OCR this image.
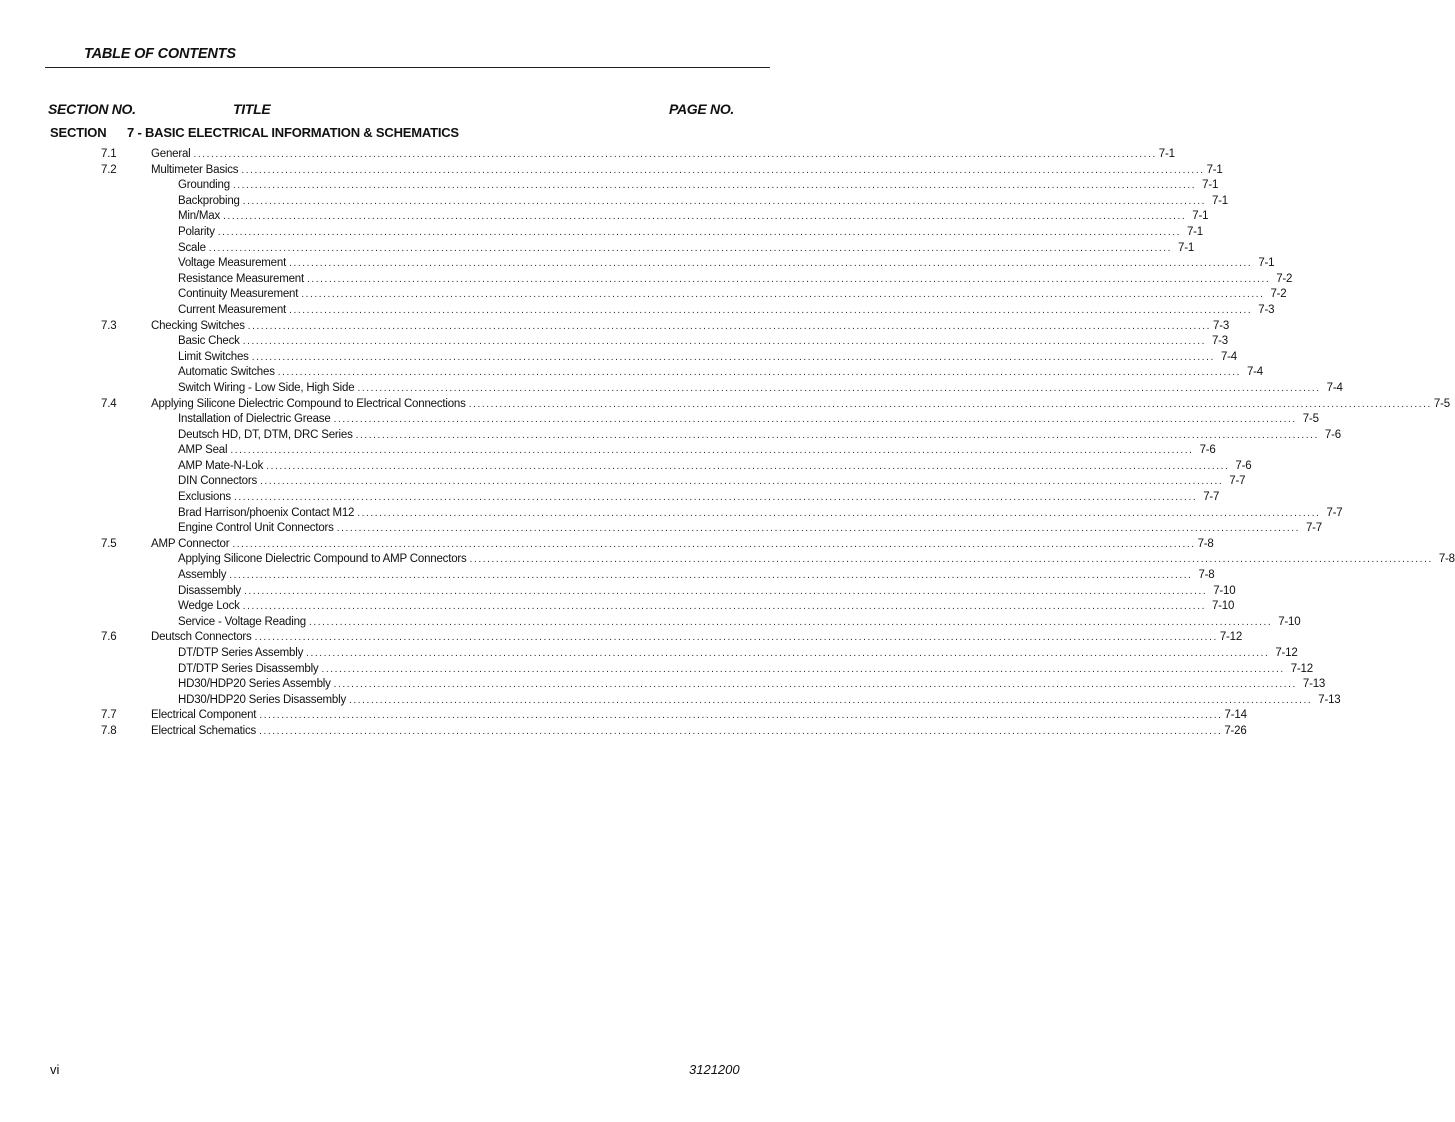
TABLE OF CONTENTS
SECTION NO.	TITLE	PAGE NO.
SECTION 7 - BASIC ELECTRICAL INFORMATION & SCHEMATICS
7.1	General ............................................................................................................................................................................................................................ 7-1
7.2	Multimeter Basics ............................................................................................................................................................................................................................ 7-1
Grounding ............................................................................................................................................................................................................................ 7-1
Backprobing ............................................................................................................................................................................................................................ 7-1
Min/Max ............................................................................................................................................................................................................................ 7-1
Polarity ............................................................................................................................................................................................................................ 7-1
Scale ............................................................................................................................................................................................................................ 7-1
Voltage Measurement ............................................................................................................................................................................................................................ 7-1
Resistance Measurement ............................................................................................................................................................................................................................ 7-2
Continuity Measurement ............................................................................................................................................................................................................................ 7-2
Current Measurement ............................................................................................................................................................................................................................ 7-3
7.3	Checking Switches ............................................................................................................................................................................................................................ 7-3
Basic Check ............................................................................................................................................................................................................................ 7-3
Limit Switches ............................................................................................................................................................................................................................ 7-4
Automatic Switches ............................................................................................................................................................................................................................ 7-4
Switch Wiring - Low Side, High Side ............................................................................................................................................................................................................................ 7-4
7.4	Applying Silicone Dielectric Compound to Electrical Connections ............................................................................................................................................................................................................................ 7-5
Installation of Dielectric Grease ............................................................................................................................................................................................................................ 7-5
Deutsch HD, DT, DTM, DRC Series ............................................................................................................................................................................................................................ 7-6
AMP Seal ............................................................................................................................................................................................................................ 7-6
AMP Mate-N-Lok ............................................................................................................................................................................................................................ 7-6
DIN Connectors ............................................................................................................................................................................................................................ 7-7
Exclusions ............................................................................................................................................................................................................................ 7-7
Brad Harrison/phoenix Contact M12 ............................................................................................................................................................................................................................ 7-7
Engine Control Unit Connectors ............................................................................................................................................................................................................................ 7-7
7.5	AMP Connector ............................................................................................................................................................................................................................ 7-8
Applying Silicone Dielectric Compound to AMP Connectors ............................................................................................................................................................................................................................ 7-8
Assembly ............................................................................................................................................................................................................................ 7-8
Disassembly ............................................................................................................................................................................................................................ 7-10
Wedge Lock ............................................................................................................................................................................................................................ 7-10
Service - Voltage Reading ............................................................................................................................................................................................................................ 7-10
7.6	Deutsch Connectors ............................................................................................................................................................................................................................ 7-12
DT/DTP Series Assembly ............................................................................................................................................................................................................................ 7-12
DT/DTP Series Disassembly ............................................................................................................................................................................................................................ 7-12
HD30/HDP20 Series Assembly ............................................................................................................................................................................................................................ 7-13
HD30/HDP20 Series Disassembly ............................................................................................................................................................................................................................ 7-13
7.7	Electrical Component ............................................................................................................................................................................................................................ 7-14
7.8	Electrical Schematics ............................................................................................................................................................................................................................ 7-26
vi	3121200
